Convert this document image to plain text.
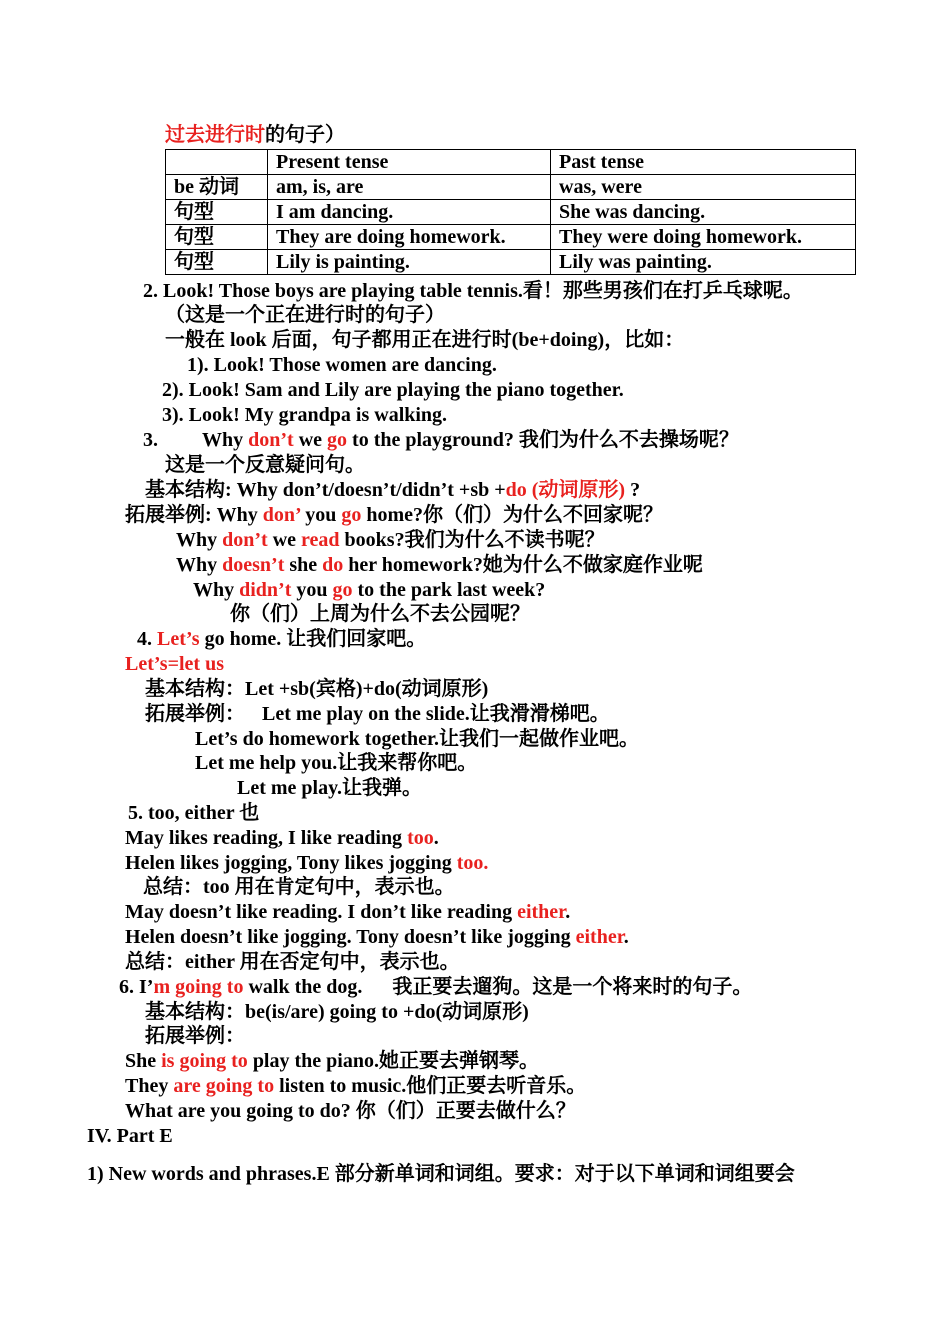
过去进行时的句子）
	Present tense	Past tense
be 动词	am, is, are	was, were
句型	I am dancing.	She was dancing.
句型	They are doing homework.	They were doing homework.
句型	Lily is painting.	Lily was painting.
2. Look! Those boys are playing table tennis.看！那些男孩们在打乒乓球呢。
（这是一个正在进行时的句子）
一般在 look 后面，句子都用正在进行时(be+doing)，比如：
1). Look! Those women are dancing.
2). Look! Sam and Lily are playing the piano together.
3). Look! My grandpa is walking.
3. Why don’t we go to the playground? 我们为什么不去操场呢？
这是一个反意疑问句。
基本结构: Why don’t/doesn’t/didn’t +sb +do (动词原形) ?
拓展举例: Why don’ you go home?你（们）为什么不回家呢？
Why don’t we read books?我们为什么不读书呢？
Why doesn’t she do her homework?她为什么不做家庭作业呢
Why didn’t you go to the park last week?
你（们）上周为什么不去公园呢？
4. Let’s go home. 让我们回家吧。
Let’s=let us
基本结构：Let +sb(宾格)+do(动词原形)
拓展举例： Let me play on the slide.让我滑滑梯吧。
Let’s do homework together.让我们一起做作业吧。
Let me help you.让我来帮你吧。
Let me play.让我弹。
5. too, either 也
May likes reading, I like reading too.
Helen likes jogging, Tony likes jogging too.
总结：too 用在肯定句中，表示也。
May doesn’t like reading. I don’t like reading either.
Helen doesn’t like jogging. Tony doesn’t like jogging either.
总结：either 用在否定句中，表示也。
6. I’m going to walk the dog.      我正要去遛狗。这是一个将来时的句子。
基本结构：be(is/are) going to +do(动词原形)
拓展举例：
She is going to play the piano.她正要去弹钢琴。
They are going to listen to music.他们正要去听音乐。
What are you going to do? 你（们）正要去做什么？
IV. Part E
1) New words and phrases.E 部分新单词和词组。要求：对于以下单词和词组要会
